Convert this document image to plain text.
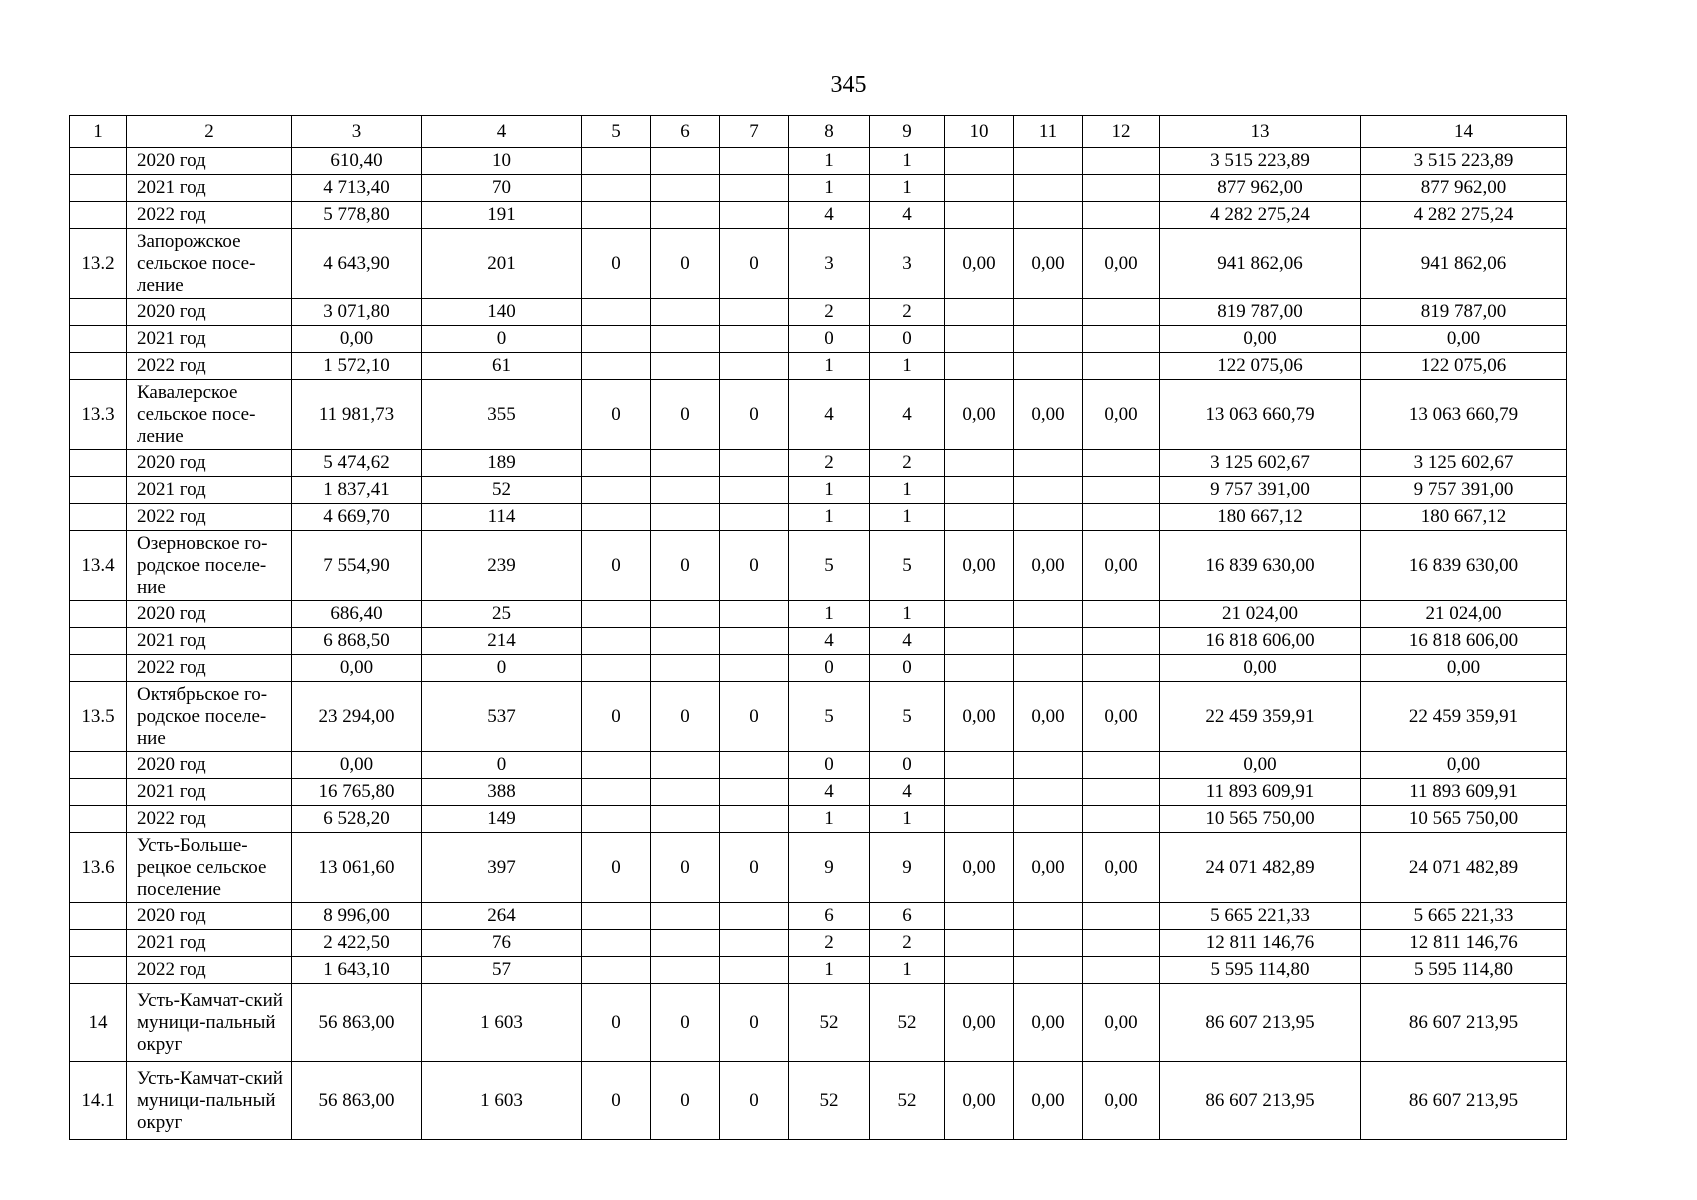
345
1	2	3	4	5	6	7	8	9	10	11	12	13	14
	2020 год	610,40	10				1	1				3 515 223,89	3 515 223,89
	2021 год	4 713,40	70				1	1				877 962,00	877 962,00
	2022 год	5 778,80	191				4	4				4 282 275,24	4 282 275,24
13.2	Запорожское сельское посе-ление	4 643,90	201	0	0	0	3	3	0,00	0,00	0,00	941 862,06	941 862,06
	2020 год	3 071,80	140				2	2				819 787,00	819 787,00
	2021 год	0,00	0				0	0				0,00	0,00
	2022 год	1 572,10	61				1	1				122 075,06	122 075,06
13.3	Кавалерское сельское посе-ление	11 981,73	355	0	0	0	4	4	0,00	0,00	0,00	13 063 660,79	13 063 660,79
	2020 год	5 474,62	189				2	2				3 125 602,67	3 125 602,67
	2021 год	1 837,41	52				1	1				9 757 391,00	9 757 391,00
	2022 год	4 669,70	114				1	1				180 667,12	180 667,12
13.4	Озерновское го-родское поселе-ние	7 554,90	239	0	0	0	5	5	0,00	0,00	0,00	16 839 630,00	16 839 630,00
	2020 год	686,40	25				1	1				21 024,00	21 024,00
	2021 год	6 868,50	214				4	4				16 818 606,00	16 818 606,00
	2022 год	0,00	0				0	0				0,00	0,00
13.5	Октябрьское го-родское поселе-ние	23 294,00	537	0	0	0	5	5	0,00	0,00	0,00	22 459 359,91	22 459 359,91
	2020 год	0,00	0				0	0				0,00	0,00
	2021 год	16 765,80	388				4	4				11 893 609,91	11 893 609,91
	2022 год	6 528,20	149				1	1				10 565 750,00	10 565 750,00
13.6	Усть-Больше-рецкое сельское поселение	13 061,60	397	0	0	0	9	9	0,00	0,00	0,00	24 071 482,89	24 071 482,89
	2020 год	8 996,00	264				6	6				5 665 221,33	5 665 221,33
	2021 год	2 422,50	76				2	2				12 811 146,76	12 811 146,76
	2022 год	1 643,10	57				1	1				5 595 114,80	5 595 114,80
14	Усть-Камчат-ский муници-пальный округ	56 863,00	1 603	0	0	0	52	52	0,00	0,00	0,00	86 607 213,95	86 607 213,95
14.1	Усть-Камчат-ский муници-пальный округ	56 863,00	1 603	0	0	0	52	52	0,00	0,00	0,00	86 607 213,95	86 607 213,95
